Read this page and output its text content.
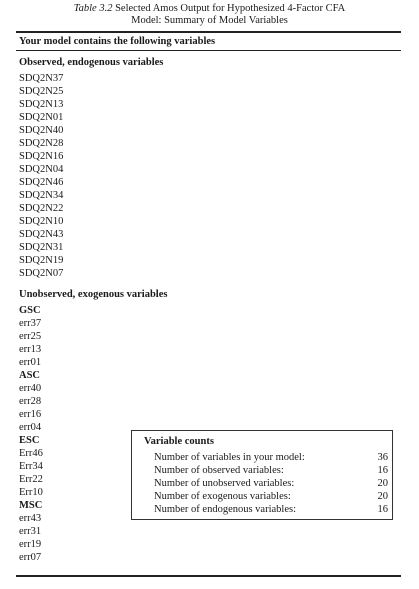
Table 3.2 Selected Amos Output for Hypothesized 4-Factor CFA
Model: Summary of Model Variables
Your model contains the following variables
Observed, endogenous variables
SDQ2N37
SDQ2N25
SDQ2N13
SDQ2N01
SDQ2N40
SDQ2N28
SDQ2N16
SDQ2N04
SDQ2N46
SDQ2N34
SDQ2N22
SDQ2N10
SDQ2N43
SDQ2N31
SDQ2N19
SDQ2N07
Unobserved, exogenous variables
GSC
err37
err25
err13
err01
ASC
err40
err28
err16
err04
ESC
Err46
Err34
Err22
Err10
MSC
err43
err31
err19
err07
Variable counts
Number of variables in your model:	36
Number of observed variables:	16
Number of unobserved variables:	20
Number of exogenous variables:	20
Number of endogenous variables:	16
